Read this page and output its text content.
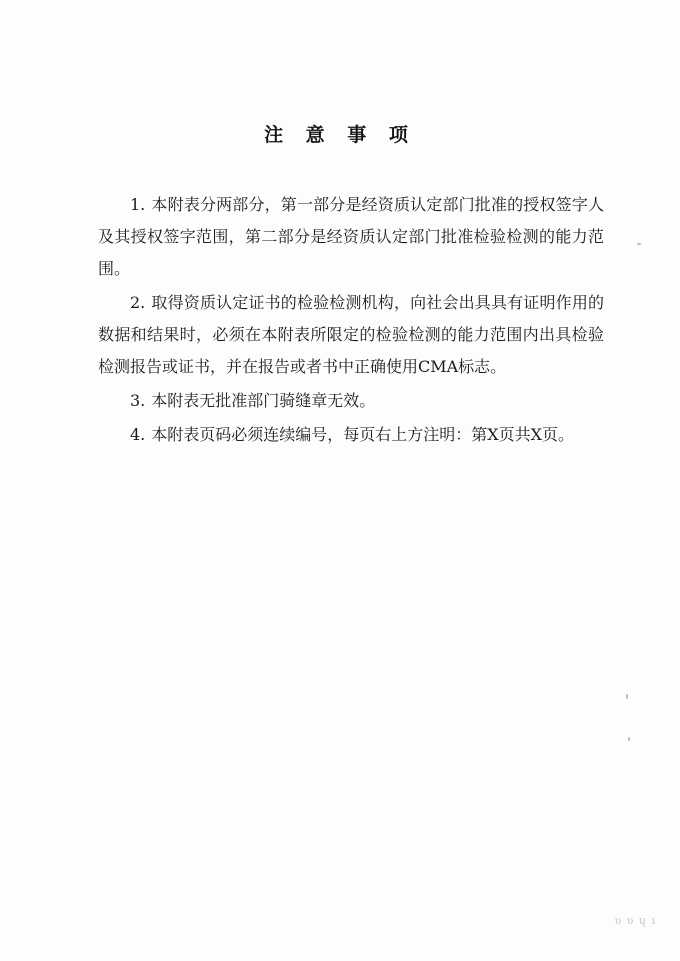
注 意 事 项

1. 本附表分两部分，第一部分是经资质认定部门批准的授权签字人及其授权签字范围，第二部分是经资质认定部门批准检验检测的能力范围。

2. 取得资质认定证书的检验检测机构，向社会出具具有证明作用的数据和结果时，必须在本附表所限定的检验检测的能力范围内出具检验检测报告或证书，并在报告或者书中正确使用CMA标志。

3. 本附表无批准部门骑缝章无效。

4. 本附表页码必须连续编号，每页右上方注明：第X页共X页。

ʋ ʋ ɥ ı
